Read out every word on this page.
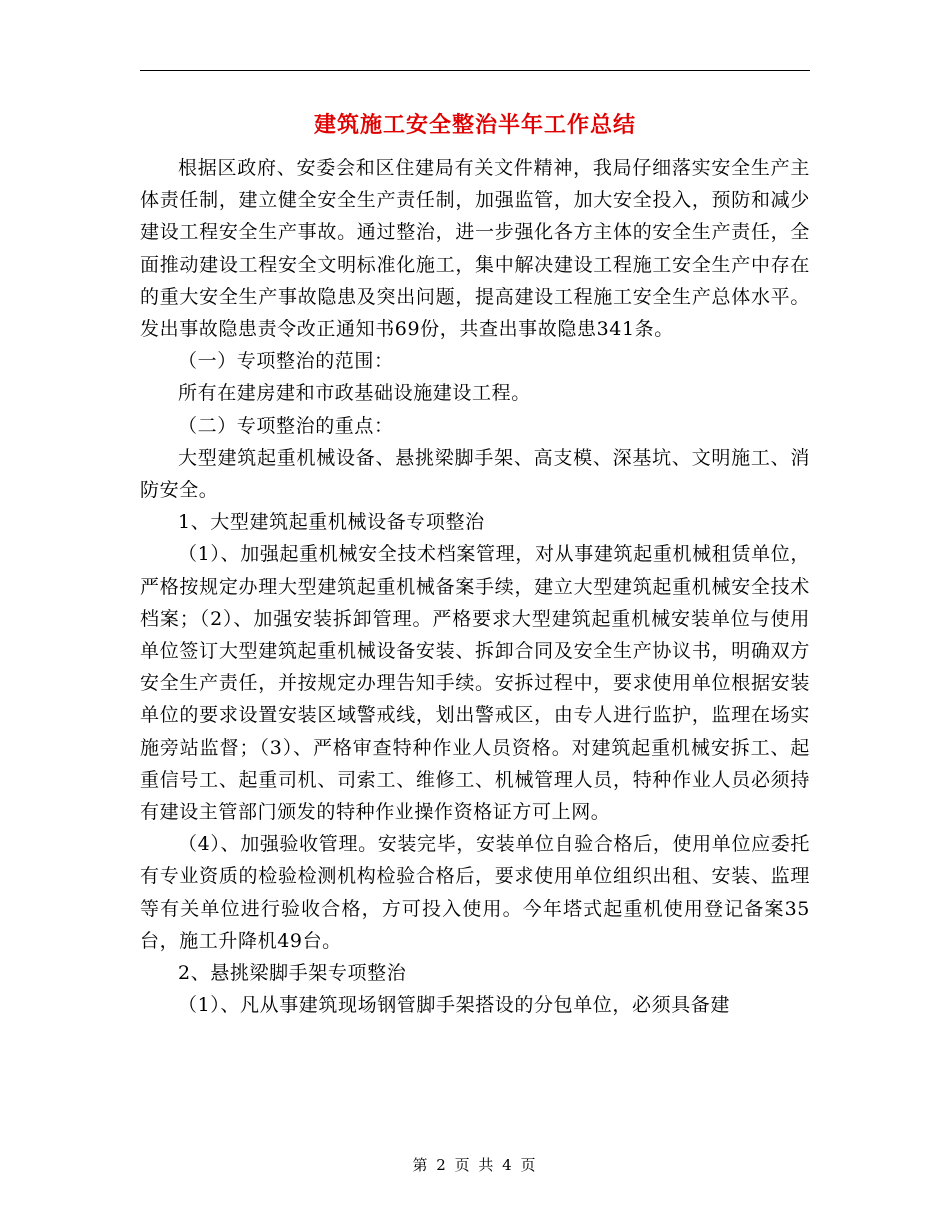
建筑施工安全整治半年工作总结

根据区政府、安委会和区住建局有关文件精神，我局仔细落实安全生产主体责任制，建立健全安全生产责任制，加强监管，加大安全投入，预防和减少建设工程安全生产事故。通过整治，进一步强化各方主体的安全生产责任，全面推动建设工程安全文明标准化施工，集中解决建设工程施工安全生产中存在的重大安全生产事故隐患及突出问题，提高建设工程施工安全生产总体水平。发出事故隐患责令改正通知书69份，共查出事故隐患341条。

（一）专项整治的范围：

所有在建房建和市政基础设施建设工程。

（二）专项整治的重点：

大型建筑起重机械设备、悬挑梁脚手架、高支模、深基坑、文明施工、消防安全。

1、大型建筑起重机械设备专项整治

（1）、加强起重机械安全技术档案管理，对从事建筑起重机械租赁单位，严格按规定办理大型建筑起重机械备案手续，建立大型建筑起重机械安全技术档案；（2）、加强安装拆卸管理。严格要求大型建筑起重机械安装单位与使用单位签订大型建筑起重机械设备安装、拆卸合同及安全生产协议书，明确双方安全生产责任，并按规定办理告知手续。安拆过程中，要求使用单位根据安装单位的要求设置安装区域警戒线，划出警戒区，由专人进行监护，监理在场实施旁站监督；（3）、严格审查特种作业人员资格。对建筑起重机械安拆工、起重信号工、起重司机、司索工、维修工、机械管理人员，特种作业人员必须持有建设主管部门颁发的特种作业操作资格证方可上网。

（4）、加强验收管理。安装完毕，安装单位自验合格后，使用单位应委托有专业资质的检验检测机构检验合格后，要求使用单位组织出租、安装、监理等有关单位进行验收合格，方可投入使用。今年塔式起重机使用登记备案35台，施工升降机49台。

2、悬挑梁脚手架专项整治

（1）、凡从事建筑现场钢管脚手架搭设的分包单位，必须具备建

第 2 页 共 4 页
